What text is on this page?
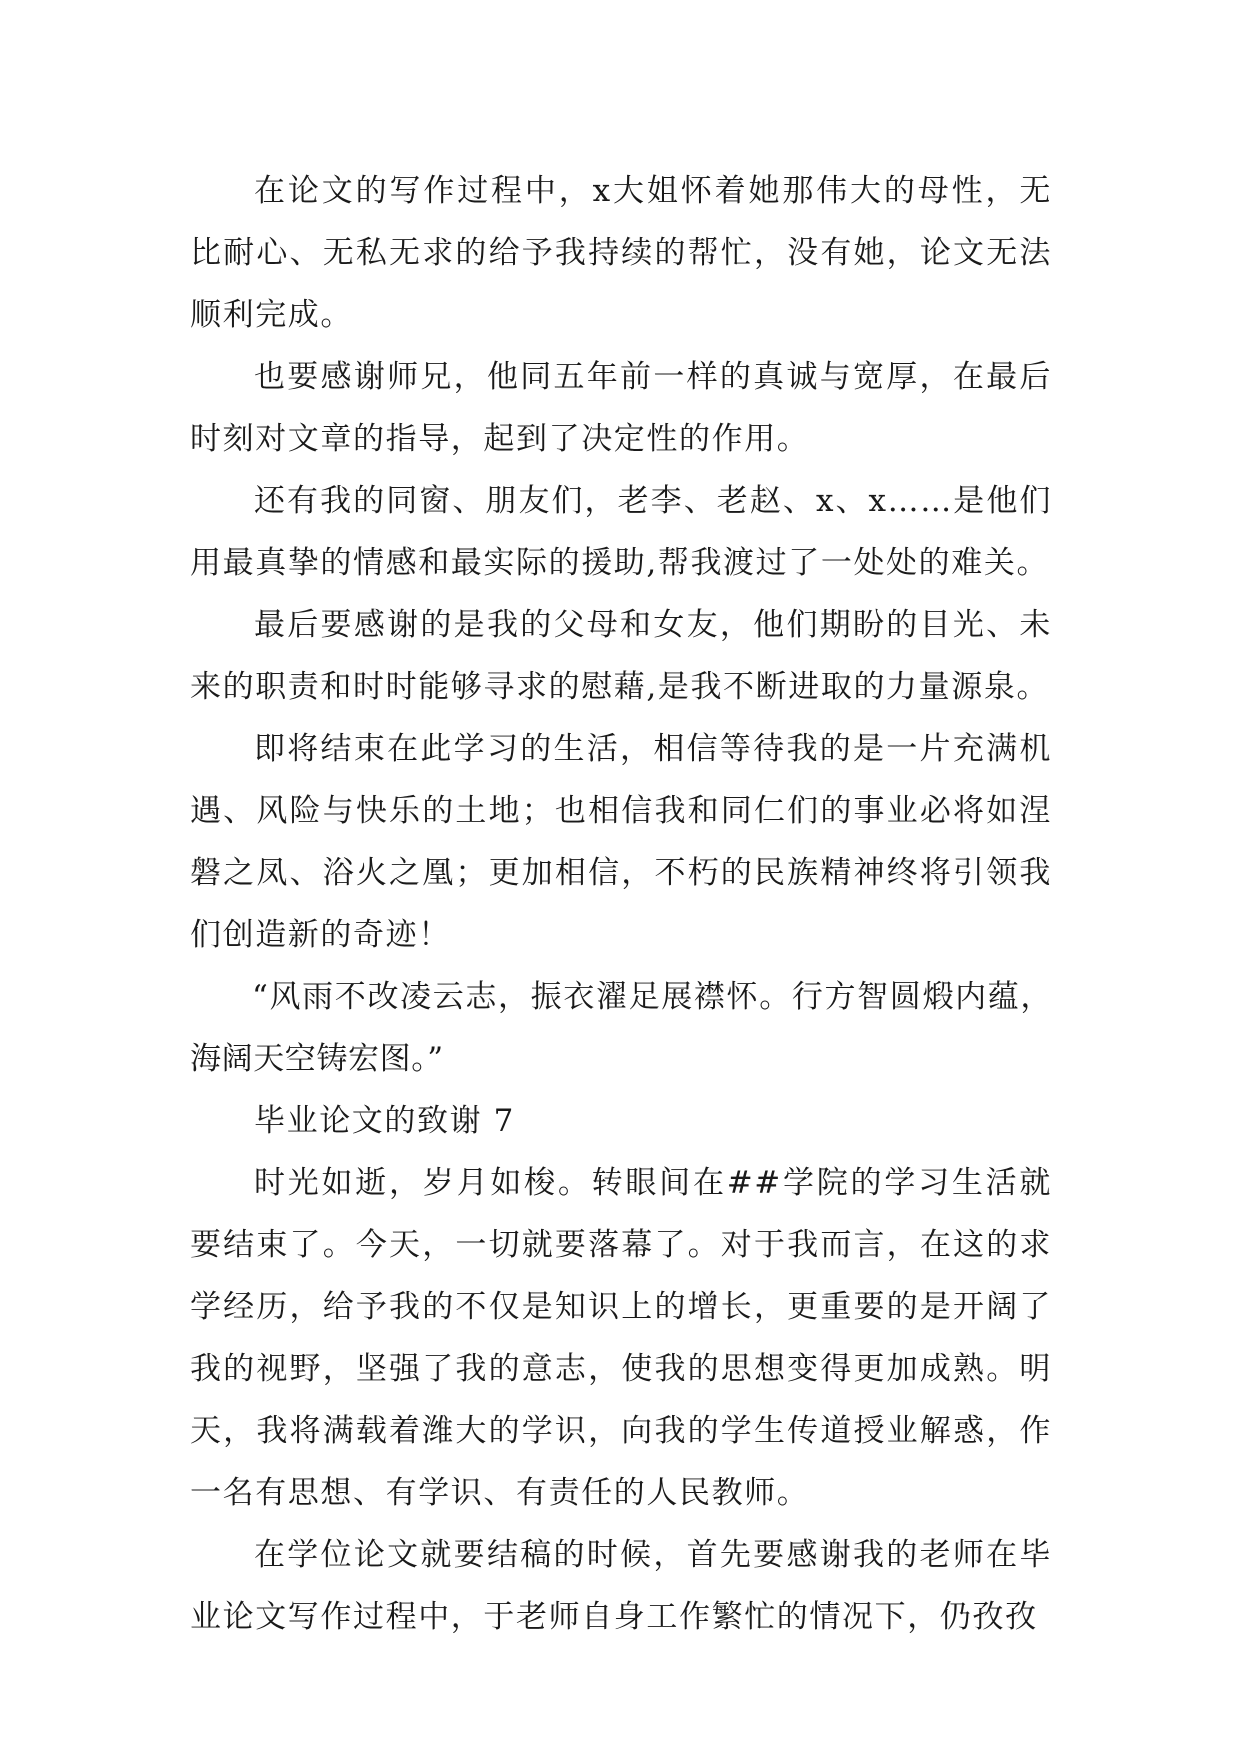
在论文的写作过程中，x大姐怀着她那伟大的母性，无比耐心、无私无求的给予我持续的帮忙，没有她，论文无法顺利完成。

也要感谢师兄，他同五年前一样的真诚与宽厚，在最后时刻对文章的指导，起到了决定性的作用。

还有我的同窗、朋友们，老李、老赵、x、x……是他们用最真挚的情感和最实际的援助,帮我渡过了一处处的难关。

最后要感谢的是我的父母和女友，他们期盼的目光、未来的职责和时时能够寻求的慰藉,是我不断进取的力量源泉。

即将结束在此学习的生活，相信等待我的是一片充满机遇、风险与快乐的土地；也相信我和同仁们的事业必将如涅磐之凤、浴火之凰；更加相信，不朽的民族精神终将引领我们创造新的奇迹！

“风雨不改凌云志，振衣濯足展襟怀。行方智圆煅内蕴，海阔天空铸宏图。”

毕业论文的致谢 7

时光如逝，岁月如梭。转眼间在##学院的学习生活就要结束了。今天，一切就要落幕了。对于我而言，在这的求学经历，给予我的不仅是知识上的增长，更重要的是开阔了我的视野，坚强了我的意志，使我的思想变得更加成熟。明天，我将满载着潍大的学识，向我的学生传道授业解惑，作一名有思想、有学识、有责任的人民教师。

在学位论文就要结稿的时候，首先要感谢我的老师在毕业论文写作过程中，于老师自身工作繁忙的情况下，仍孜孜
